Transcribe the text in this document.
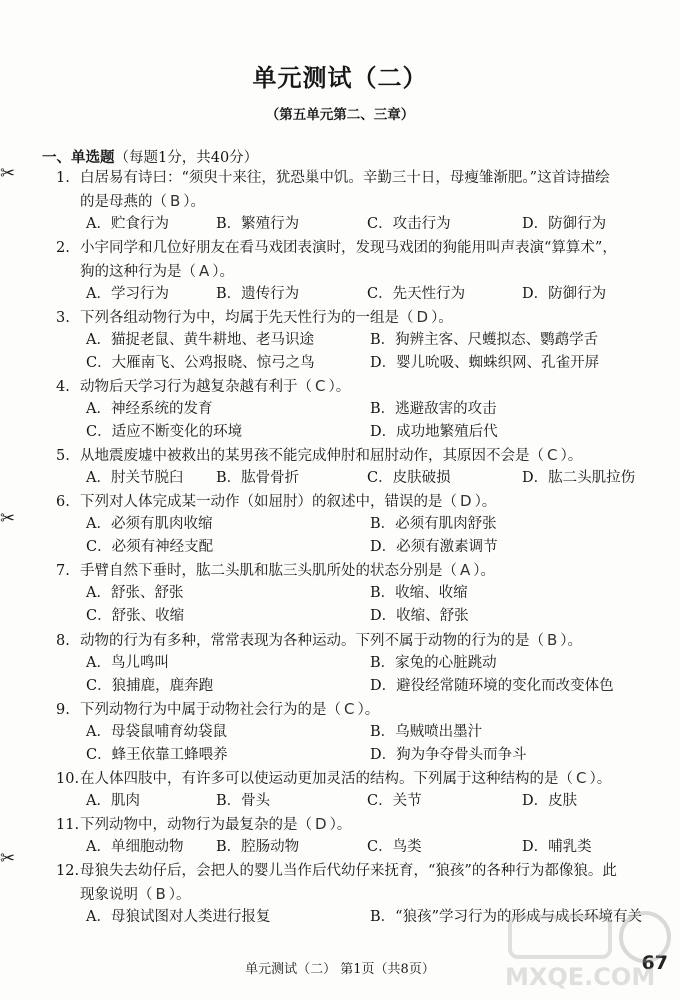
单元测试（二）
（第五单元第二、三章）
一、单选题（每题1分，共40分）
1. 白居易有诗曰：“须臾十来往，犹恐巢中饥。辛勤三十日，母瘦雏渐肥。”这首诗描绘
的是母燕的（ B ）。
A．贮食行为	B．繁殖行为	C．攻击行为	D．防御行为
2. 小宇同学和几位好朋友在看马戏团表演时，发现马戏团的狗能用叫声表演“算算术”，
狗的这种行为是（ A ）。
A．学习行为	B．遗传行为	C．先天性行为	D．防御行为
3. 下列各组动物行为中，均属于先天性行为的一组是（ D ）。
A．猫捉老鼠、黄牛耕地、老马识途	B．狗辨主客、尺蠖拟态、鹦鹉学舌
C．大雁南飞、公鸡报晓、惊弓之鸟	D．婴儿吮吸、蜘蛛织网、孔雀开屏
4. 动物后天学习行为越复杂越有利于（ C ）。
A．神经系统的发育	B．逃避敌害的攻击
C．适应不断变化的环境	D．成功地繁殖后代
5. 从地震废墟中被救出的某男孩不能完成伸肘和屈肘动作，其原因不会是（ C ）。
A．肘关节脱臼 B．肱骨骨折	C．皮肤破损	D．肱二头肌拉伤
6. 下列对人体完成某一动作（如屈肘）的叙述中，错误的是（ D ）。
A．必须有肌肉收缩	B．必须有肌肉舒张
C．必须有神经支配	D．必须有激素调节
7. 手臂自然下垂时，肱二头肌和肱三头肌所处的状态分别是（ A ）。
A．舒张、舒张	B．收缩、收缩
C．舒张、收缩	D．收缩、舒张
8. 动物的行为有多种，常常表现为各种运动。下列不属于动物的行为的是（ B ）。
A．鸟儿鸣叫	B．家兔的心脏跳动
C．狼捕鹿，鹿奔跑	D．避役经常随环境的变化而改变体色
9. 下列动物行为中属于动物社会行为的是（ C ）。
A．母袋鼠哺育幼袋鼠	B．乌贼喷出墨汁
C．蜂王依靠工蜂喂养	D．狗为争夺骨头而争斗
10.在人体四肢中，有许多可以使运动更加灵活的结构。下列属于这种结构的是（ C ）。
A．肌肉	B．骨头	C．关节	D．皮肤
11.下列动物中，动物行为最复杂的是（ D ）。
A．单细胞动物 B．腔肠动物	C．鸟类	D．哺乳类
12.母狼失去幼仔后，会把人的婴儿当作后代幼仔来抚育，“狼孩”的各种行为都像狼。此
现象说明（ B ）。
A．母狼试图对人类进行报复	B．“狼孩”学习行为的形成与成长环境有关
✂
✂
✂
单元测试（二） 第1页（共8页）	67
MXQE.COM
